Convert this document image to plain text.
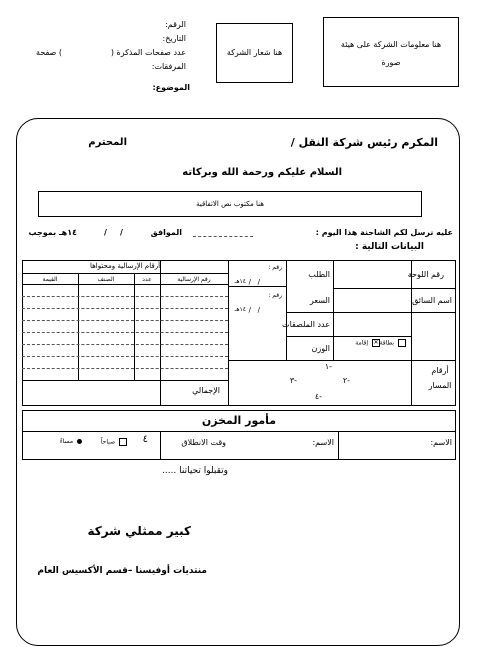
هنا معلومات الشركة على هيئة
صورة
هنا شعار الشركة
الرقم:
التاريخ:
عدد صفحات المذكرة (
) صفحة
المرفقات:
الموضوع:
المكرم رئيس شركة النقل /
المحترم
السلام عليكم ورحمة الله وبركاته
هنا مكتوب نص الاتفاقية
عليه نرسل لكم الشاحنة هذا اليوم :
الموافق
/
/
١٤هـ بموجب
البيانات التالية :
رقم اللوحة
اسم السائق
الطلب
السعر
عدد الملصقات
الوزن
رقم :
/   /
١٤هـ
رقم :
/   /
١٤هـ
بطاقة
✕ إقامة
أرقام
المسار
-١
-٢
-٣
-٤
أرقام الإرسالية ومحتواها
رقم الإرسالية
عدد
الصنف
القيمة
الإجمالي
مأمور المخزن
الاسم:
الاسم:
وقت الانطلاق
٤
صباحاً
مساءً
وتقبلوا تحياتنا .....
كبير ممثلي شركة
منتديات أوفيسنا –قسم الأكسيس العام
